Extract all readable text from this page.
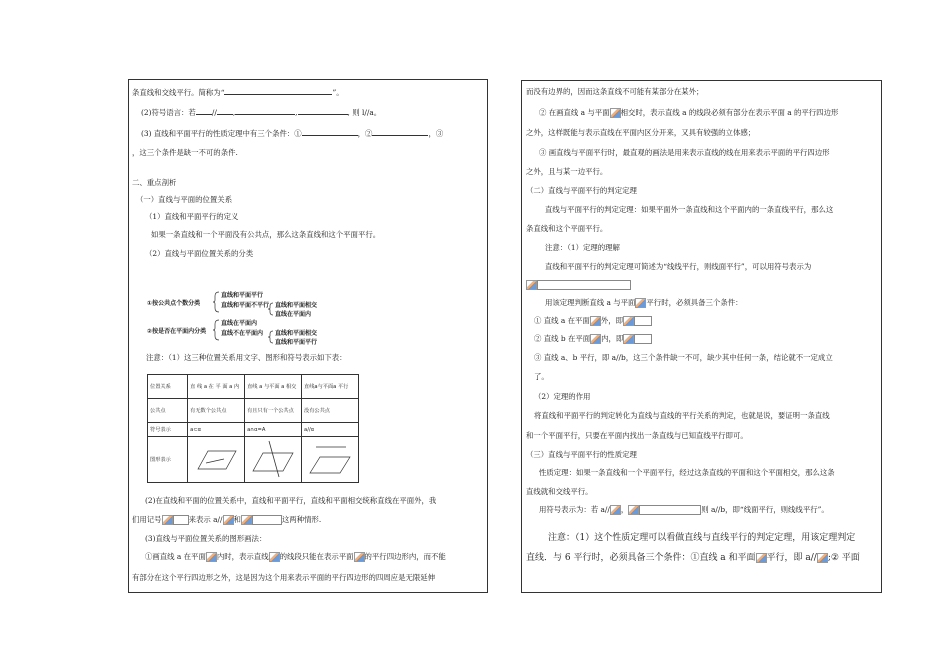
条直线和交线平行。简称为“	”。
(2)符号语言：若 // ,	,	, 则 l//a。
(3) 直线和平面平行的性质定理中有三个条件：①	，②	，③
，这三个条件是缺一不可的条件.
二、重点剖析
（一）直线与平面的位置关系
（1）直线和平面平行的定义
如果一条直线和一个平面没有公共点，那么这条直线和这个平面平行。
（2）直线与平面位置关系的分类
①按公共点个数分类
直线和平面平行
直线和平面不平行 直线和平面相交
直线在平面内
②按是否在平面内分类
直线在平面内
直线不在平面内 直线和平面相交
直线和平面平行
注意：（1）这三种位置关系用文字、图形和符号表示如下表：
位置关系	直 线 a 在 平 面 a 内	直线 a 与平面 a 相交	直线a与平面a 平行
公共点	有无数个公共点	有且只有一个公共点	没有公共点
符号表示	a⊂α	a∩α=A	a//α
图形表示			
(2)在直线和平面的位置关系中，直线和平面平行，直线和平面相交统称直线在平面外，我
们用记号	来表示 a// 和	这两种情形.
(3)直线与平面位置关系的图形画法：
①画直线 a 在平面 内时，表示直线 的线段只能在表示平面 的平行四边形内，而不能
有部分在这个平行四边形之外，这是因为这个用来表示平面的平行四边形的四周应是无限延伸
而没有边界的，因而这条直线不可能有某部分在某外；
② 在画直线 a 与平面 相交时，表示直线 a 的线段必须有部分在表示平面 a 的平行四边形
之外，这样既能与表示直线在平面内区分开来，又具有较强的立体感；
③ 画直线与平面平行时，最直观的画法是用来表示直线的线在用来表示平面的平行四边形
之外，且与某一边平行。
（二）直线与平面平行的判定定理
直线与平面平行的判定定理：如果平面外一条直线和这个平面内的一条直线平行，那么这
条直线和这个平面平行。
注意：（1）定理的理解
直线和平面平行的判定定理可简述为“线线平行，则线面平行”，可以用符号表示为
用该定理判断直线 a 与平面 平行时，必须具备三个条件：
① 直线 a 在平面 外，即
② 直线 b 在平面 内，即
③ 直线 a、b 平行，即 a//b，这三个条件缺一不可，缺少其中任何一条，结论就不一定成立
了。
（2）定理的作用
将直线和平面平行的判定转化为直线与直线的平行关系的判定，也就是说，要证明一条直线
和一个平面平行，只要在平面内找出一条直线与已知直线平行即可。
（三）直线与平面平行的性质定理
性质定理：如果一条直线和一个平面平行，经过这条直线的平面和这个平面相交，那么这条
直线就和交线平行。
用符号表示为：若 a// ，	则 a//b，即“线面平行，则线线平行”。
注意：（1）这个性质定理可以看做直线与直线平行的判定定理，用该定理判定
直线．与 6 平行时，必须具备三个条件：①直线 a 和平面 平行，即 a// ;② 平面
